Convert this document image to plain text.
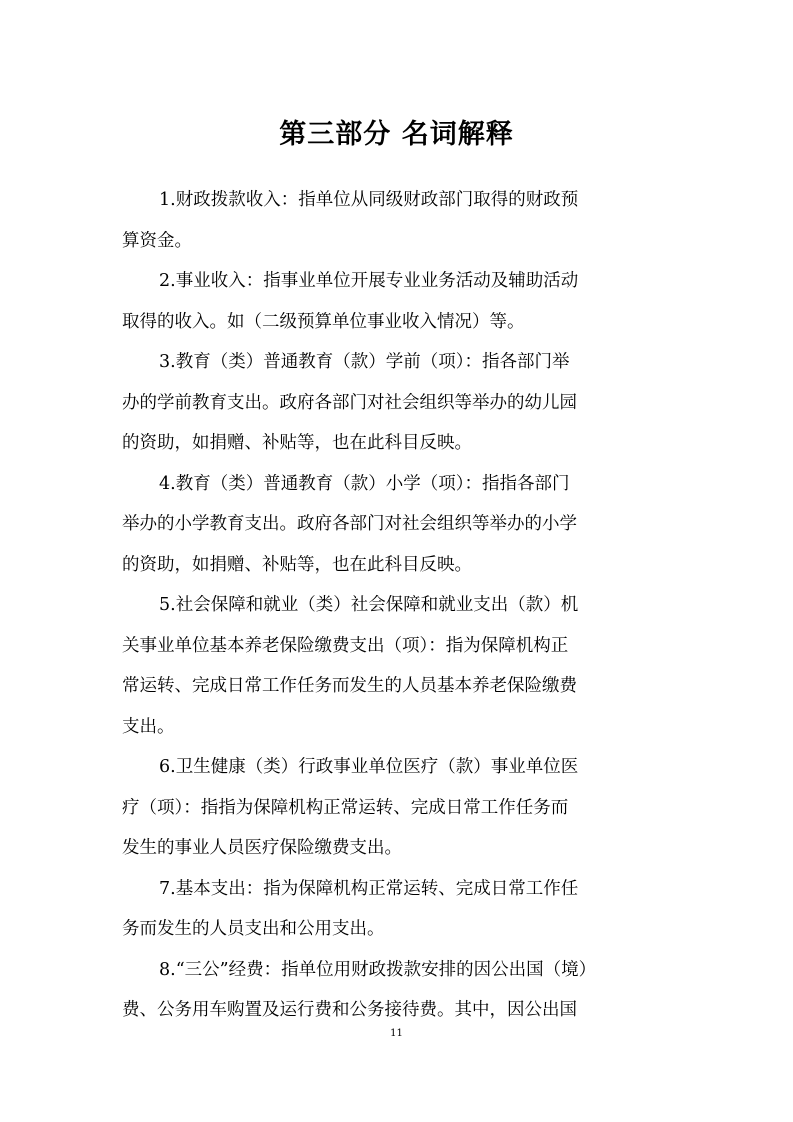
第三部分 名词解释

1.财政拨款收入：指单位从同级财政部门取得的财政预
算资金。

2.事业收入：指事业单位开展专业业务活动及辅助活动
取得的收入。如（二级预算单位事业收入情况）等。

3.教育（类）普通教育（款）学前（项）：指各部门举
办的学前教育支出。政府各部门对社会组织等举办的幼儿园
的资助，如捐赠、补贴等，也在此科目反映。

4.教育（类）普通教育（款）小学（项）：指指各部门
举办的小学教育支出。政府各部门对社会组织等举办的小学
的资助，如捐赠、补贴等，也在此科目反映。

5.社会保障和就业（类）社会保障和就业支出（款）机
关事业单位基本养老保险缴费支出（项）：指为保障机构正
常运转、完成日常工作任务而发生的人员基本养老保险缴费
支出。

6.卫生健康（类）行政事业单位医疗（款）事业单位医
疗（项）：指指为保障机构正常运转、完成日常工作任务而
发生的事业人员医疗保险缴费支出。

7.基本支出：指为保障机构正常运转、完成日常工作任
务而发生的人员支出和公用支出。

8.“三公”经费：指单位用财政拨款安排的因公出国（境）
费、公务用车购置及运行费和公务接待费。其中，因公出国

11
